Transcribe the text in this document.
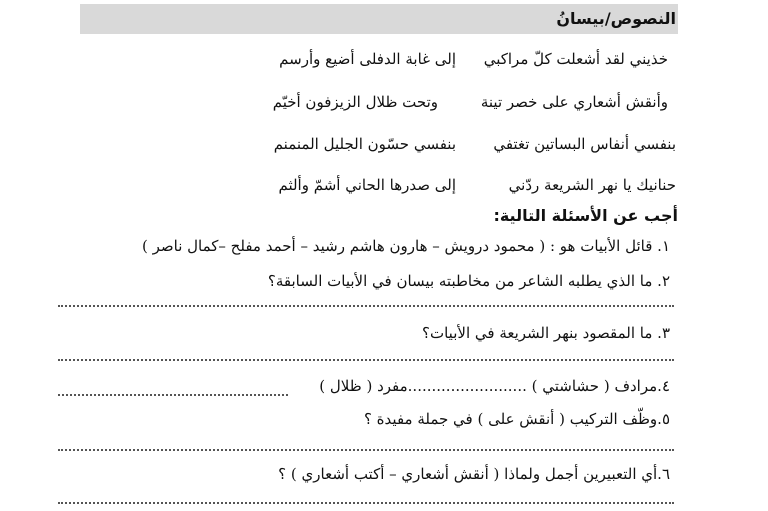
النصوص/بيسانُ
خذيني لقد أشعلت كلّ مراكبي
إلى غابة الدفلى أضيع وأرسم
وأنقش أشعاري على خصر تينة
وتحت ظلال الزيزفون أخيّم
بنفسي أنفاس البساتين تغتفي
بنفسي حسّون الجليل المنمنم
حنانيك يا نهر الشريعة ردّني
إلى صدرها الحاني أشمّ وألثم
أجب عن الأسئلة التالية:
١. قائل الأبيات هو : ( محمود درويش – هارون هاشم رشيد – أحمد مفلح –كمال ناصر )
٢. ما الذي يطلبه الشاعر من مخاطبته بيسان في الأبيات السابقة؟
٣. ما المقصود بنهر الشريعة في الأبيات؟
٤.مرادف ( حشاشتي ) .........................مفرد ( ظلال )
٥.وظّف التركيب ( أنقش على ) في جملة مفيدة ؟
٦.أي التعبيرين أجمل ولماذا ( أنقش أشعاري – أكتب أشعاري ) ؟
